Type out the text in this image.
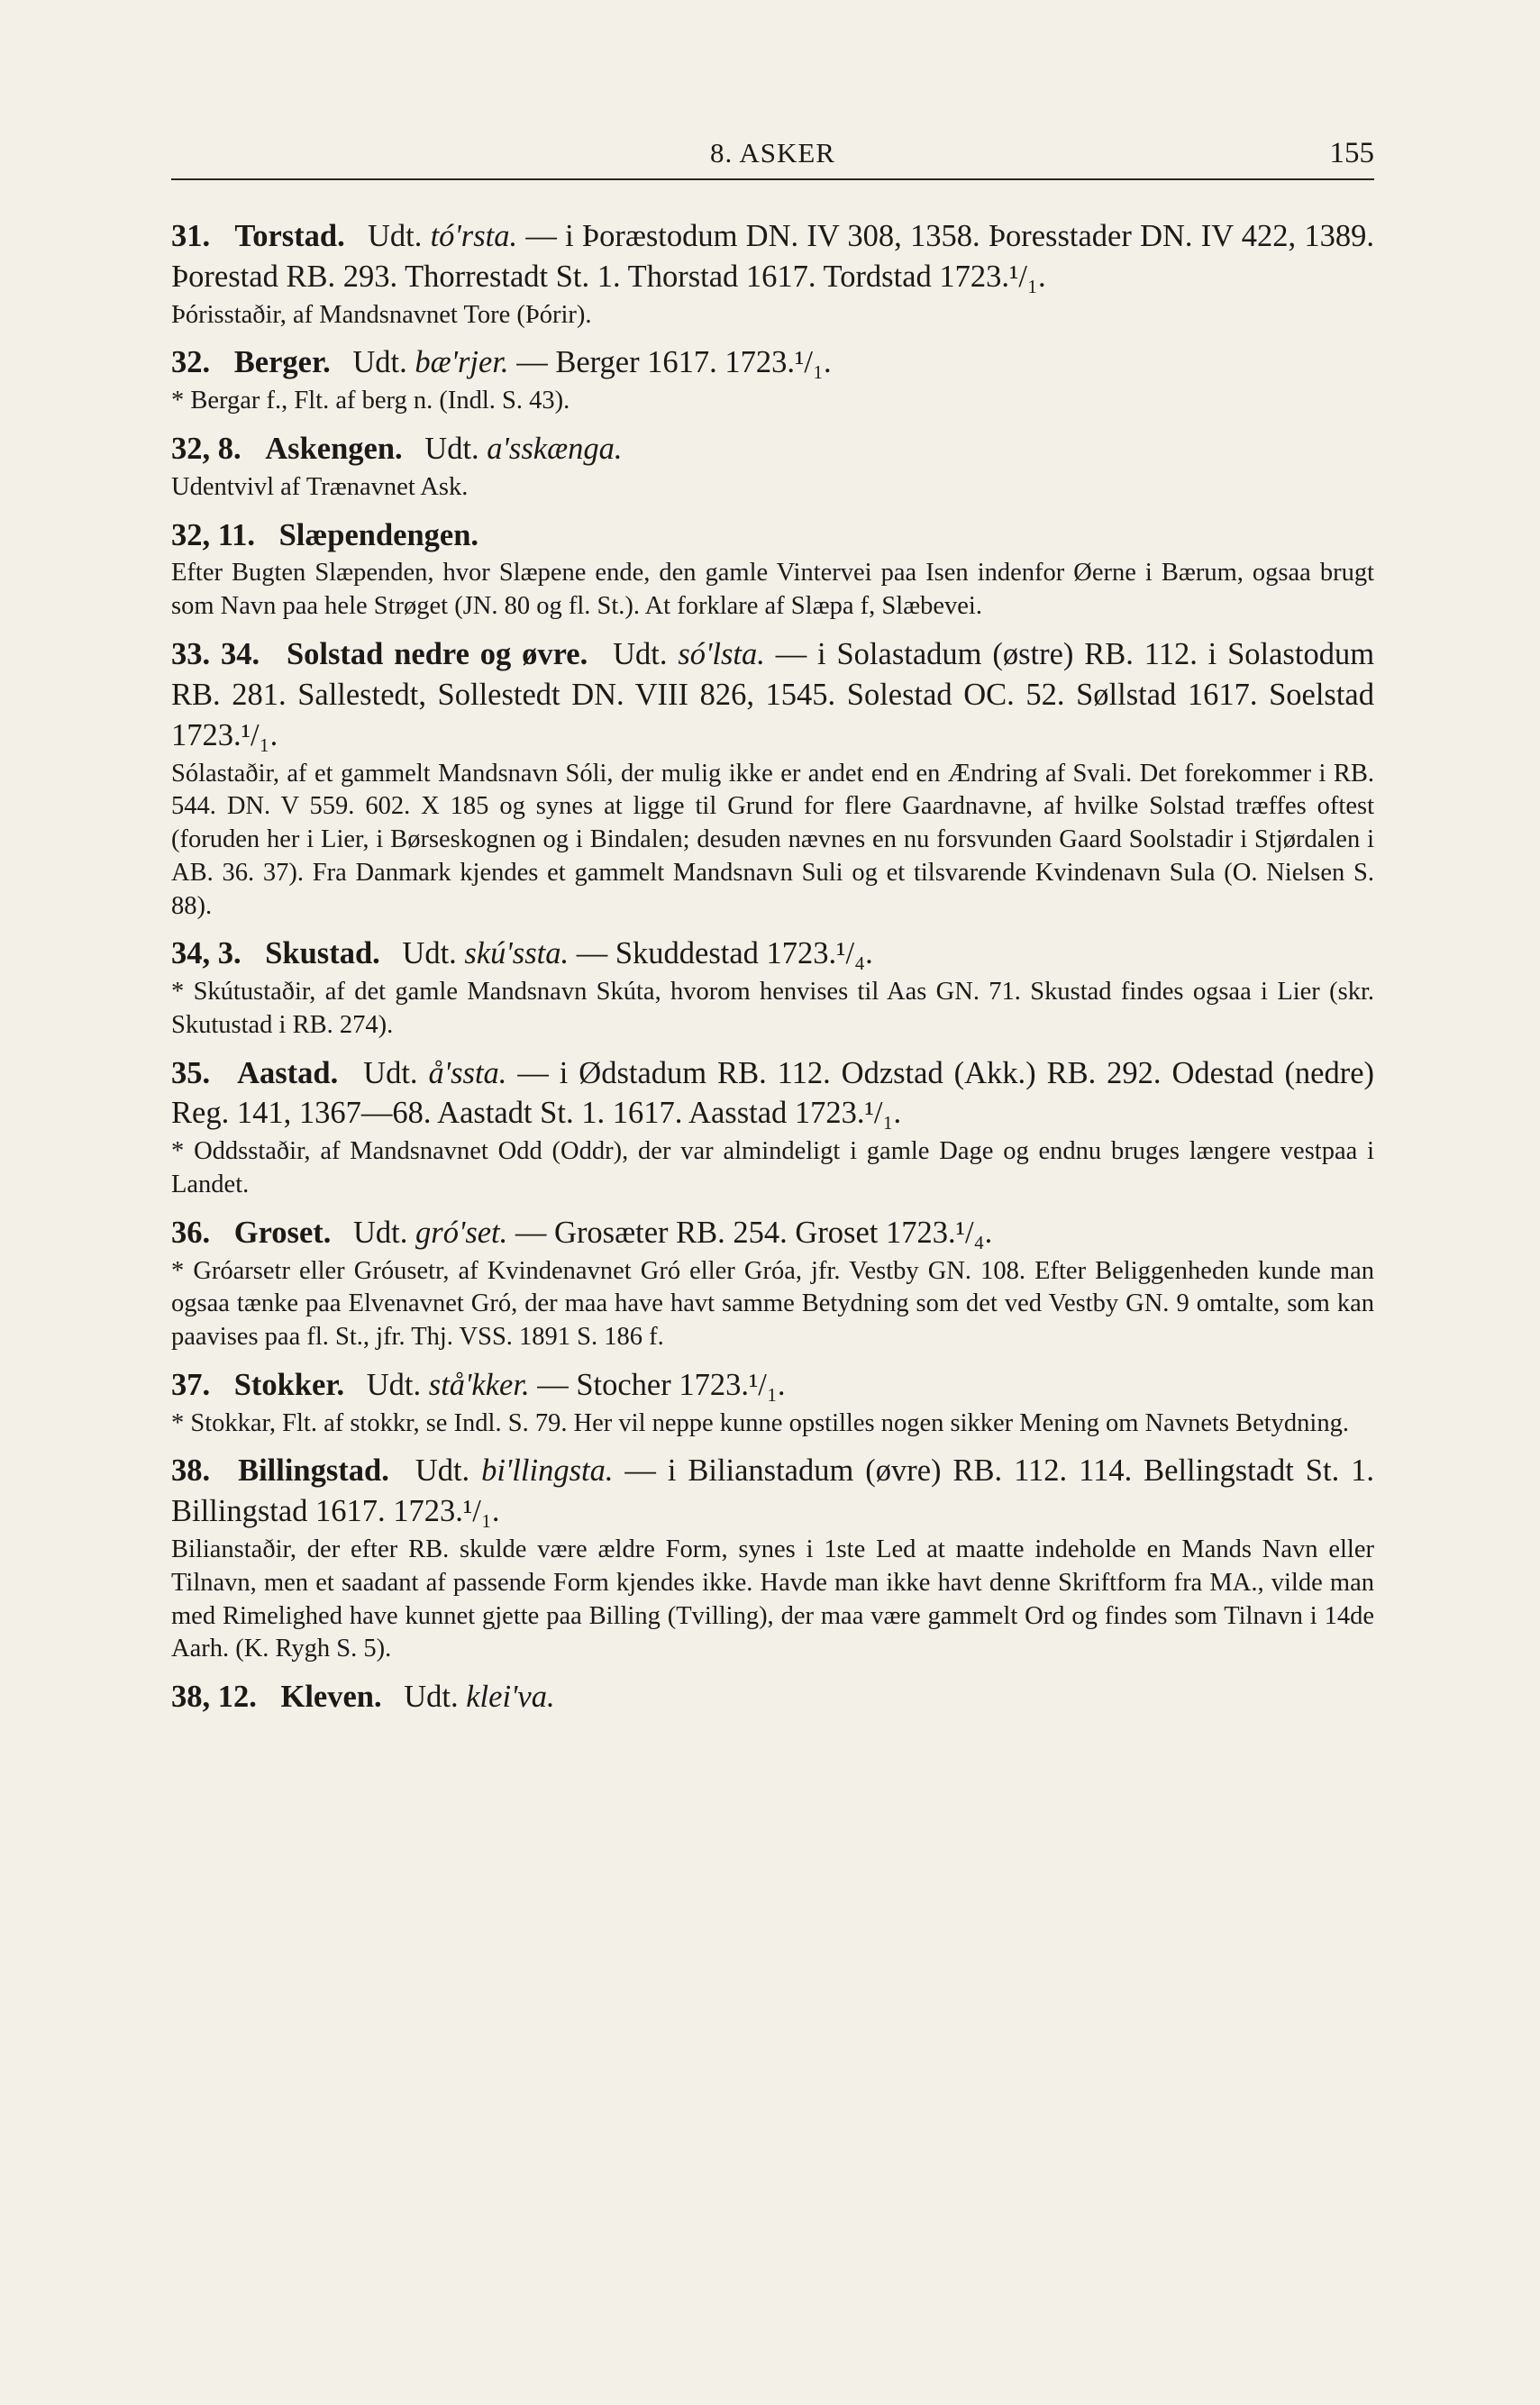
8. ASKER	155
31. Torstad. Udt. tó'rsta. — i Þoræstodum DN. IV 308, 1358. Þoresstader DN. IV 422, 1389. Þorestad RB. 293. Thorrestadt St. 1. Thorstad 1617. Tordstad 1723.¹/₁.
Þórisstaðir, af Mandsnavnet Tore (Þórir).
32. Berger. Udt. bæ'rjer. — Berger 1617. 1723.¹/₁.
* Bergar f., Flt. af berg n. (Indl. S. 43).
32, 8. Askengen. Udt. a'sskænga.
Udentvivl af Trænavnet Ask.
32, 11. Slæpendengen.
Efter Bugten Slæpenden, hvor Slæpene ende, den gamle Vintervei paa Isen indenfor Øerne i Bærum, ogsaa brugt som Navn paa hele Strøget (JN. 80 og fl. St.). At forklare af Slæpa f, Slæbevei.
33. 34. Solstad nedre og øvre. Udt. só'lsta. — i Solastadum (østre) RB. 112. i Solastodum RB. 281. Sallestedt, Sollestedt DN. VIII 826, 1545. Solestad OC. 52. Søllstad 1617. Soelstad 1723.¹/₁.
Sólastaðir, af et gammelt Mandsnavn Sóli, der mulig ikke er andet end en Ændring af Svali. Det forekommer i RB. 544. DN. V 559. 602. X 185 og synes at ligge til Grund for flere Gaardnavne, af hvilke Solstad træffes oftest (foruden her i Lier, i Børseskognen og i Bindalen; desuden nævnes en nu forsvunden Gaard Soolstadir i Stjørdalen i AB. 36. 37). Fra Danmark kjendes et gammelt Mandsnavn Suli og et tilsvarende Kvindenavn Sula (O. Nielsen S. 88).
34, 3. Skustad. Udt. skú'ssta. — Skuddestad 1723.¹/₄.
* Skútustaðir, af det gamle Mandsnavn Skúta, hvorom henvises til Aas GN. 71. Skustad findes ogsaa i Lier (skr. Skutustad i RB. 274).
35. Aastad. Udt. å'ssta. — i Ødstadum RB. 112. Odzstad (Akk.) RB. 292. Odestad (nedre) Reg. 141, 1367—68. Aastadt St. 1. 1617. Aasstad 1723.¹/₁.
* Oddsstaðir, af Mandsnavnet Odd (Oddr), der var almindeligt i gamle Dage og endnu bruges længere vestpaa i Landet.
36. Groset. Udt. gró'set. — Grosæter RB. 254. Groset 1723.¹/₄.
* Gróarsetr eller Gróusetr, af Kvindenavnet Gró eller Gróa, jfr. Vestby GN. 108. Efter Beliggenheden kunde man ogsaa tænke paa Elvenavnet Gró, der maa have havt samme Betydning som det ved Vestby GN. 9 omtalte, som kan paavises paa fl. St., jfr. Thj. VSS. 1891 S. 186 f.
37. Stokker. Udt. stå'kker. — Stocher 1723.¹/₁.
* Stokkar, Flt. af stokkr, se Indl. S. 79. Her vil neppe kunne opstilles nogen sikker Mening om Navnets Betydning.
38. Billingstad. Udt. bi'llingsta. — i Bilianstadum (øvre) RB. 112. 114. Bellingstadt St. 1. Billingstad 1617. 1723.¹/₁.
Bilianstaðir, der efter RB. skulde være ældre Form, synes i 1ste Led at maatte indeholde en Mands Navn eller Tilnavn, men et saadant af passende Form kjendes ikke. Havde man ikke havt denne Skriftform fra MA., vilde man med Rimelighed have kunnet gjette paa Billing (Tvilling), der maa være gammelt Ord og findes som Tilnavn i 14de Aarh. (K. Rygh S. 5).
38, 12. Kleven. Udt. klei'va.
